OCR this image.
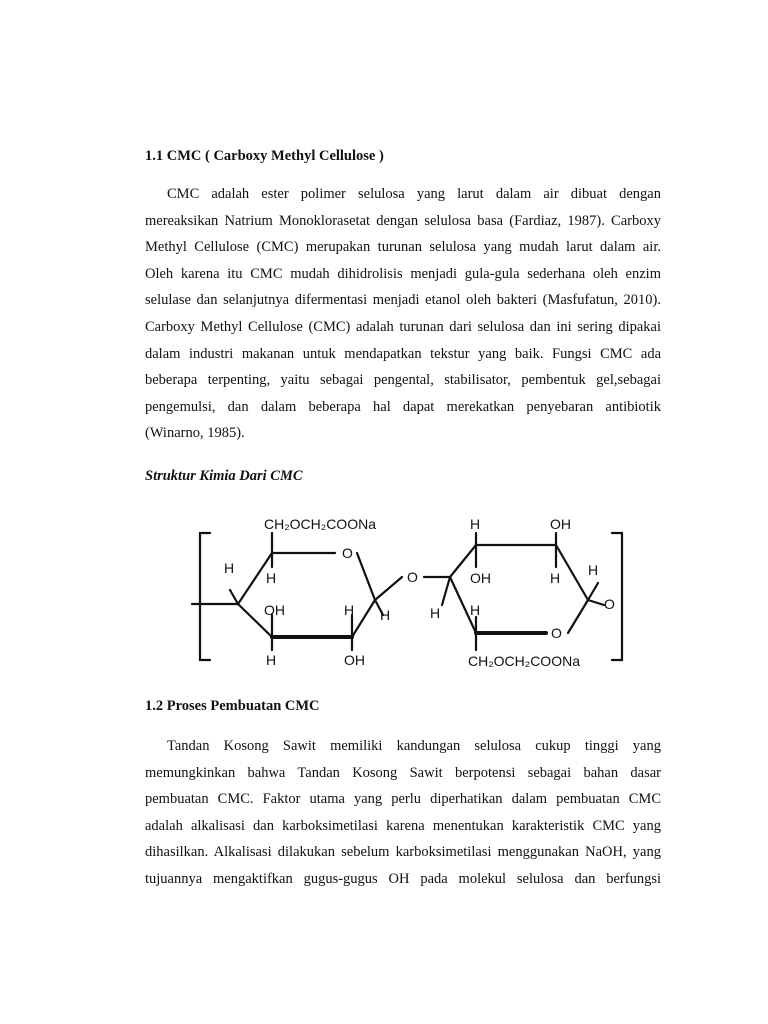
1.1 CMC ( Carboxy Methyl Cellulose )
CMC adalah ester polimer selulosa yang larut dalam air dibuat dengan
mereaksikan Natrium Monoklorasetat dengan selulosa basa (Fardiaz, 1987). Carboxy
Methyl Cellulose (CMC) merupakan turunan selulosa yang mudah larut dalam air.
Oleh karena itu CMC mudah dihidrolisis menjadi gula-gula sederhana oleh enzim
selulase dan selanjutnya difermentasi menjadi etanol oleh bakteri (Masfufatun, 2010).
Carboxy Methyl Cellulose (CMC) adalah turunan dari selulosa dan ini sering dipakai
dalam industri makanan untuk mendapatkan tekstur yang baik. Fungsi CMC ada
beberapa terpenting, yaitu sebagai pengental, stabilisator, pembentuk gel,sebagai
pengemulsi, dan dalam beberapa hal dapat merekatkan penyebaran antibiotik
(Winarno, 1985).
Struktur Kimia Dari CMC
CH₂OCH₂COONa
O
H
H
OH	H H
H	OH
O
H	OH
OH	H H
H H
O
O
CH₂OCH₂COONa
1.2 Proses Pembuatan CMC
Tandan Kosong Sawit memiliki kandungan selulosa cukup tinggi yang
memungkinkan bahwa Tandan Kosong Sawit berpotensi sebagai bahan dasar
pembuatan CMC. Faktor utama yang perlu diperhatikan dalam pembuatan CMC
adalah alkalisasi dan karboksimetilasi karena menentukan karakteristik CMC yang
dihasilkan. Alkalisasi dilakukan sebelum karboksimetilasi menggunakan NaOH, yang
tujuannya mengaktifkan gugus-gugus OH pada molekul selulosa dan berfungsi
